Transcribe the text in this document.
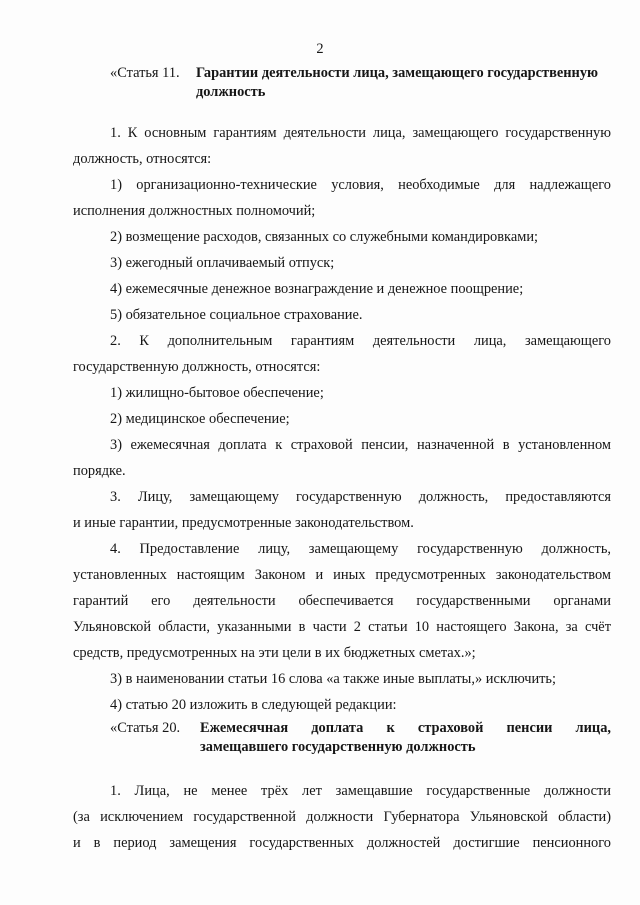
2
«Статья 11. Гарантии деятельности лица, замещающего государственную
должность
1. К основным гарантиям деятельности лица, замещающего государственную
должность, относятся:
1) организационно-технические условия, необходимые для надлежащего
исполнения должностных полномочий;
2) возмещение расходов, связанных со служебными командировками;
3) ежегодный оплачиваемый отпуск;
4) ежемесячные денежное вознаграждение и денежное поощрение;
5) обязательное социальное страхование.
2. К дополнительным гарантиям деятельности лица, замещающего
государственную должность, относятся:
1) жилищно-бытовое обеспечение;
2) медицинское обеспечение;
3) ежемесячная доплата к страховой пенсии, назначенной в установленном
порядке.
3. Лицу, замещающему государственную должность, предоставляются
и иные гарантии, предусмотренные законодательством.
4. Предоставление лицу, замещающему государственную должность,
установленных настоящим Законом и иных предусмотренных законодательством
гарантий его деятельности обеспечивается государственными органами
Ульяновской области, указанными в части 2 статьи 10 настоящего Закона, за счёт
средств, предусмотренных на эти цели в их бюджетных сметах.»;
3) в наименовании статьи 16 слова «а также иные выплаты,» исключить;
4) статью 20 изложить в следующей редакции:
«Статья 20. Ежемесячная доплата к страховой пенсии лица,
замещавшего государственную должность
1. Лица, не менее трёх лет замещавшие государственные должности
(за исключением государственной должности Губернатора Ульяновской области)
и в период замещения государственных должностей достигшие пенсионного
